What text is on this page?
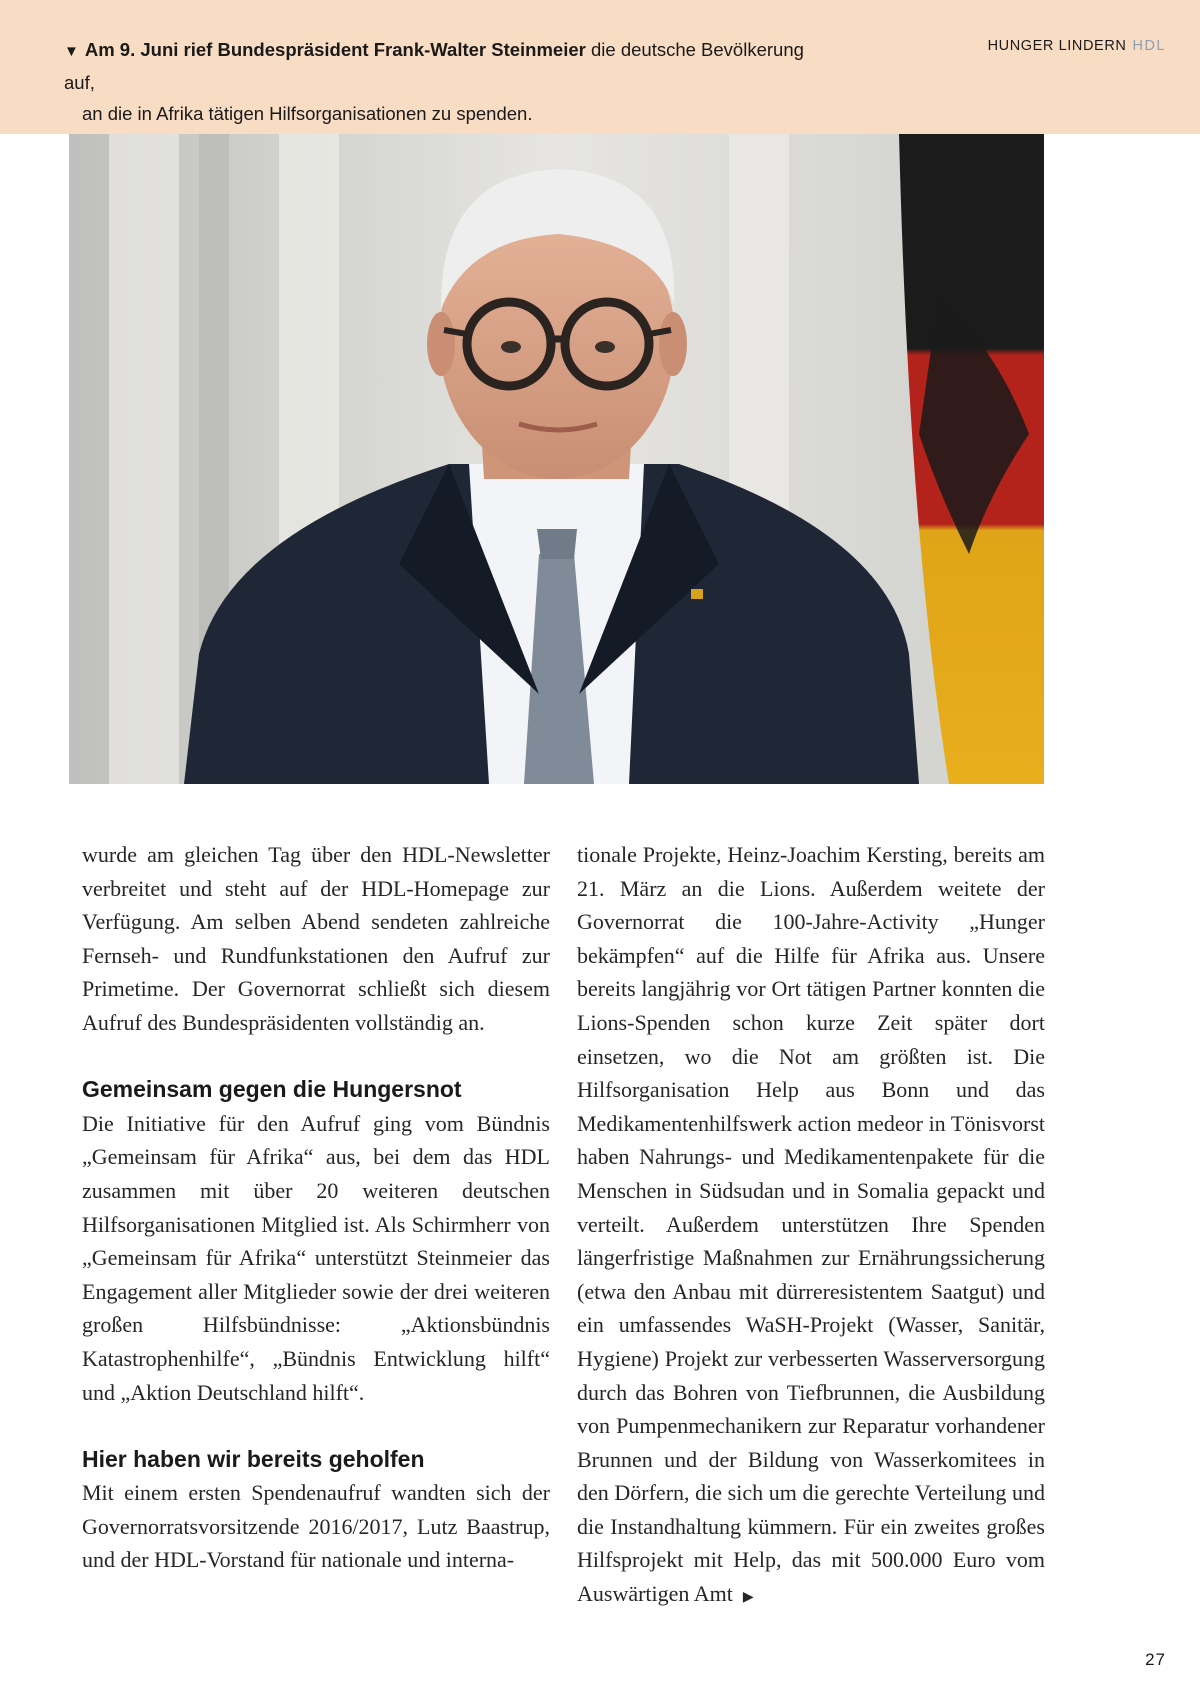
▼ Am 9. Juni rief Bundespräsident Frank-Walter Steinmeier die deutsche Bevölkerung auf,
an die in Afrika tätigen Hilfsorganisationen zu spenden.
HUNGER LINDERN HDL

wurde am gleichen Tag über den HDL-Newsletter verbreitet und steht auf der HDL-Homepage zur Verfügung. Am selben Abend sendeten zahlreiche Fernseh- und Rundfunkstationen den Aufruf zur Primetime. Der Governorrat schließt sich diesem Aufruf des Bundespräsidenten vollständig an.

Gemeinsam gegen die Hungersnot

Die Initiative für den Aufruf ging vom Bündnis „Gemeinsam für Afrika“ aus, bei dem das HDL zusammen mit über 20 weiteren deutschen Hilfsorganisationen Mitglied ist. Als Schirmherr von „Gemeinsam für Afrika“ unterstützt Steinmeier das Engagement aller Mitglieder sowie der drei weiteren großen Hilfsbündnisse: „Aktionsbündnis Katastrophenhilfe“, „Bündnis Entwicklung hilft“ und „Aktion Deutschland hilft“.

Hier haben wir bereits geholfen

Mit einem ersten Spendenaufruf wandten sich der Governorratsvorsitzende 2016/2017, Lutz Baastrup, und der HDL-Vorstand für nationale und interna-

tionale Projekte, Heinz-Joachim Kersting, bereits am 21. März an die Lions. Außerdem weitete der Governorrat die 100-Jahre-Activity „Hunger bekämpfen“ auf die Hilfe für Afrika aus. Unsere bereits langjährig vor Ort tätigen Partner konnten die Lions-Spenden schon kurze Zeit später dort einsetzen, wo die Not am größten ist. Die Hilfsorganisation Help aus Bonn und das Medikamentenhilfswerk action medeor in Tönisvorst haben Nahrungs- und Medikamentenpakete für die Menschen in Südsudan und in Somalia gepackt und verteilt. Außerdem unterstützen Ihre Spenden längerfristige Maßnahmen zur Ernährungssicherung (etwa den Anbau mit dürreresistentem Saatgut) und ein umfassendes WaSH-Projekt (Wasser, Sanitär, Hygiene) Projekt zur verbesserten Wasserversorgung durch das Bohren von Tiefbrunnen, die Ausbildung von Pumpenmechanikern zur Reparatur vorhandener Brunnen und der Bildung von Wasserkomitees in den Dörfern, die sich um die gerechte Verteilung und die Instandhaltung kümmern. Für ein zweites großes Hilfsprojekt mit Help, das mit 500.000 Euro vom Auswärtigen Amt ▶

27
